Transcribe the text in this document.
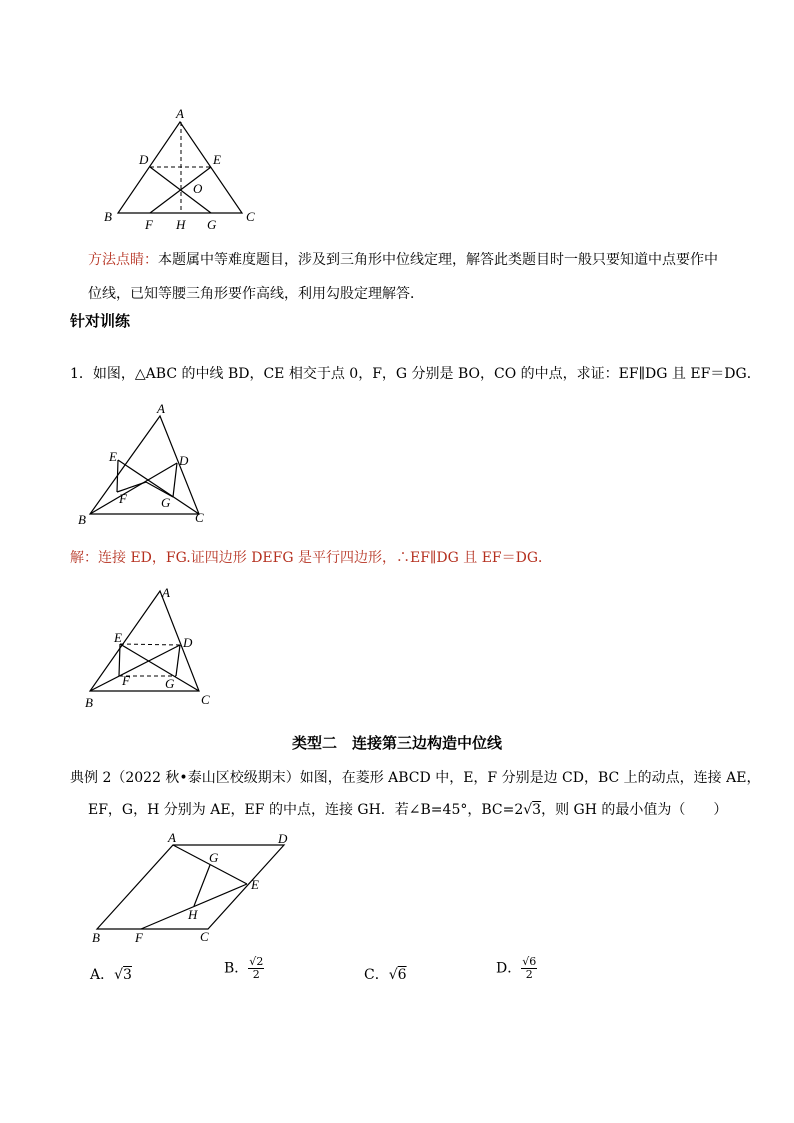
A
D	E
O
B	C
F H G
方法点睛：本题属中等难度题目，涉及到三角形中位线定理，解答此类题目时一般只要知道中点要作中
位线，已知等腰三角形要作高线，利用勾股定理解答．
针对训练
1．如图，△ABC 的中线 BD，CE 相交于点 0，F，G 分别是 BO，CO 的中点，求证：EF∥DG 且 EF＝DG．
A
E	D
F	G
B	C
解：连接 ED，FG.证四边形 DEFG 是平行四边形，∴EF∥DG 且 EF＝DG．
A
E	D
F	G
B	C
类型二　连接第三边构造中位线
典例 2（2022 秋•泰山区校级期末）如图，在菱形 ABCD 中，E，F 分别是边 CD，BC 上的动点，连接 AE，
EF，G，H 分别为 AE，EF 的中点，连接 GH．若∠B=45°，BC=2√3，则 GH 的最小值为（　　）
A	D
G
E
H
B	F	C
A．√3	B． $\frac{√2}{2}$	C．√6	D． $\frac{√6}{2}$
